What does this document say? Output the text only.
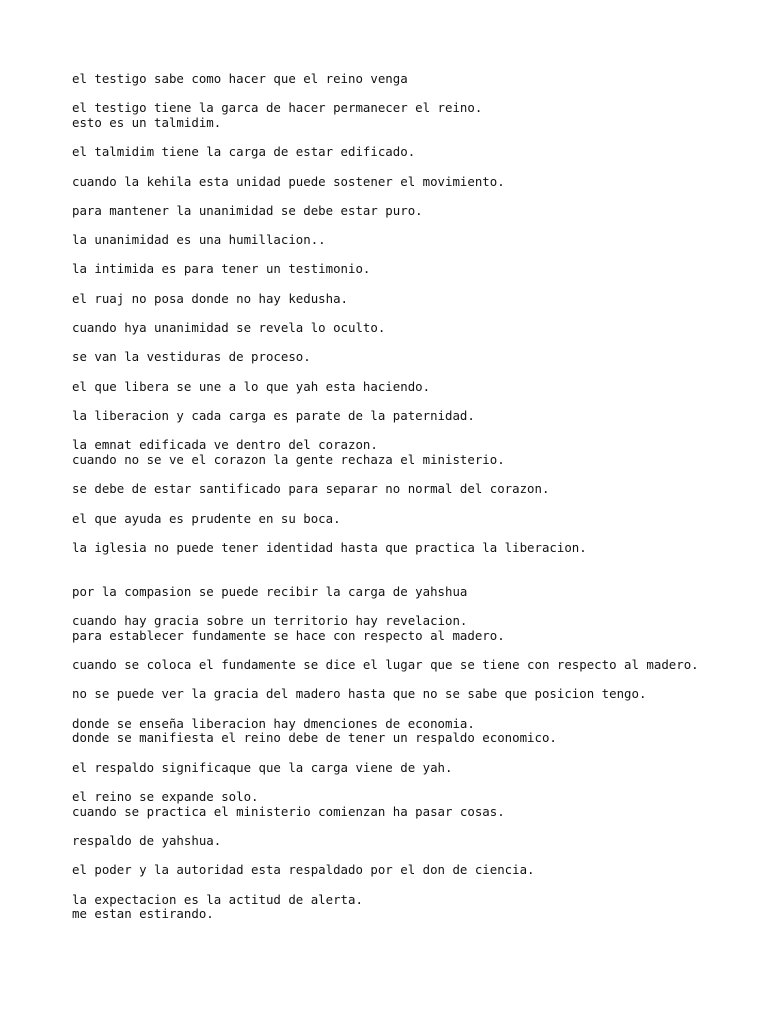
el testigo sabe como hacer que el reino venga

el testigo tiene la garca de hacer permanecer el reino.
esto es un talmidim.

el talmidim tiene la carga de estar edificado.

cuando la kehila esta unidad puede sostener el movimiento.

para mantener la unanimidad se debe estar puro.

la unanimidad es una humillacion..

la intimida es para tener un testimonio.

el ruaj no posa donde no hay kedusha.

cuando hya unanimidad se revela lo oculto.

se van la vestiduras de proceso.

el que libera se une a lo que yah esta haciendo.

la liberacion y cada carga es parate de la paternidad.

la emnat edificada ve dentro del corazon.
cuando no se ve el corazon la gente rechaza el ministerio.

se debe de estar santificado para separar no normal del corazon.

el que ayuda es prudente en su boca.

la iglesia no puede tener identidad hasta que practica la liberacion.

por la compasion se puede recibir la carga de yahshua

cuando hay gracia sobre un territorio hay revelacion.
para establecer fundamente se hace con respecto al madero.

cuando se coloca el fundamente se dice el lugar que se tiene con respecto al madero.

no se puede ver la gracia del madero hasta que no se sabe que posicion tengo.

donde se enseña liberacion hay dmenciones de economia.
donde se manifiesta el reino debe de tener un respaldo economico.

el respaldo significaque que la carga viene de yah.

el reino se expande solo.
cuando se practica el ministerio comienzan ha pasar cosas.

respaldo de yahshua.

el poder y la autoridad esta respaldado por el don de ciencia.

la expectacion es la actitud de alerta.
me estan estirando.
